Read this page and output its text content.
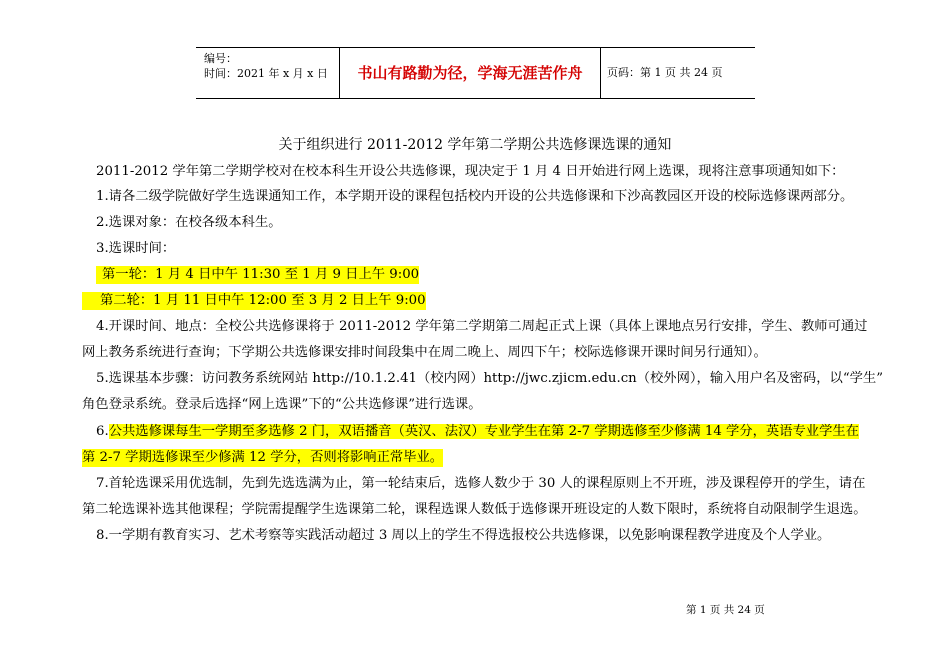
编号：
时间：2021 年 x 月 x 日	书山有路勤为径，学海无涯苦作舟	页码：第 1 页 共 24 页
关于组织进行 2011-2012 学年第二学期公共选修课选课的通知
2011-2012 学年第二学期学校对在校本科生开设公共选修课，现决定于 1 月 4 日开始进行网上选课，现将注意事项通知如下：
1.请各二级学院做好学生选课通知工作，本学期开设的课程包括校内开设的公共选修课和下沙高教园区开设的校际选修课两部分。
2.选课对象：在校各级本科生。
3.选课时间：
第一轮：1 月 4 日中午 11:30 至 1 月 9 日上午 9:00
第二轮：1 月 11 日中午 12:00 至 3 月 2 日上午 9:00
4.开课时间、地点：全校公共选修课将于 2011-2012 学年第二学期第二周起正式上课（具体上课地点另行安排，学生、教师可通过
网上教务系统进行查询；下学期公共选修课安排时间段集中在周二晚上、周四下午；校际选修课开课时间另行通知）。
5.选课基本步骤：访问教务系统网站 http://10.1.2.41（校内网）http://jwc.zjicm.edu.cn（校外网），输入用户名及密码，以“学生”
角色登录系统。登录后选择“网上选课”下的“公共选修课”进行选课。
6.公共选修课每生一学期至多选修 2 门，双语播音（英汉、法汉）专业学生在第 2-7 学期选修至少修满 14 学分，英语专业学生在
第 2-7 学期选修课至少修满 12 学分，否则将影响正常毕业。
7.首轮选课采用优选制，先到先选选满为止，第一轮结束后，选修人数少于 30 人的课程原则上不开班，涉及课程停开的学生，请在
第二轮选课补选其他课程；学院需提醒学生选课第二轮，课程选课人数低于选修课开班设定的人数下限时，系统将自动限制学生退选。
8.一学期有教育实习、艺术考察等实践活动超过 3 周以上的学生不得选报校公共选修课，以免影响课程教学进度及个人学业。
第 1 页 共 24 页
